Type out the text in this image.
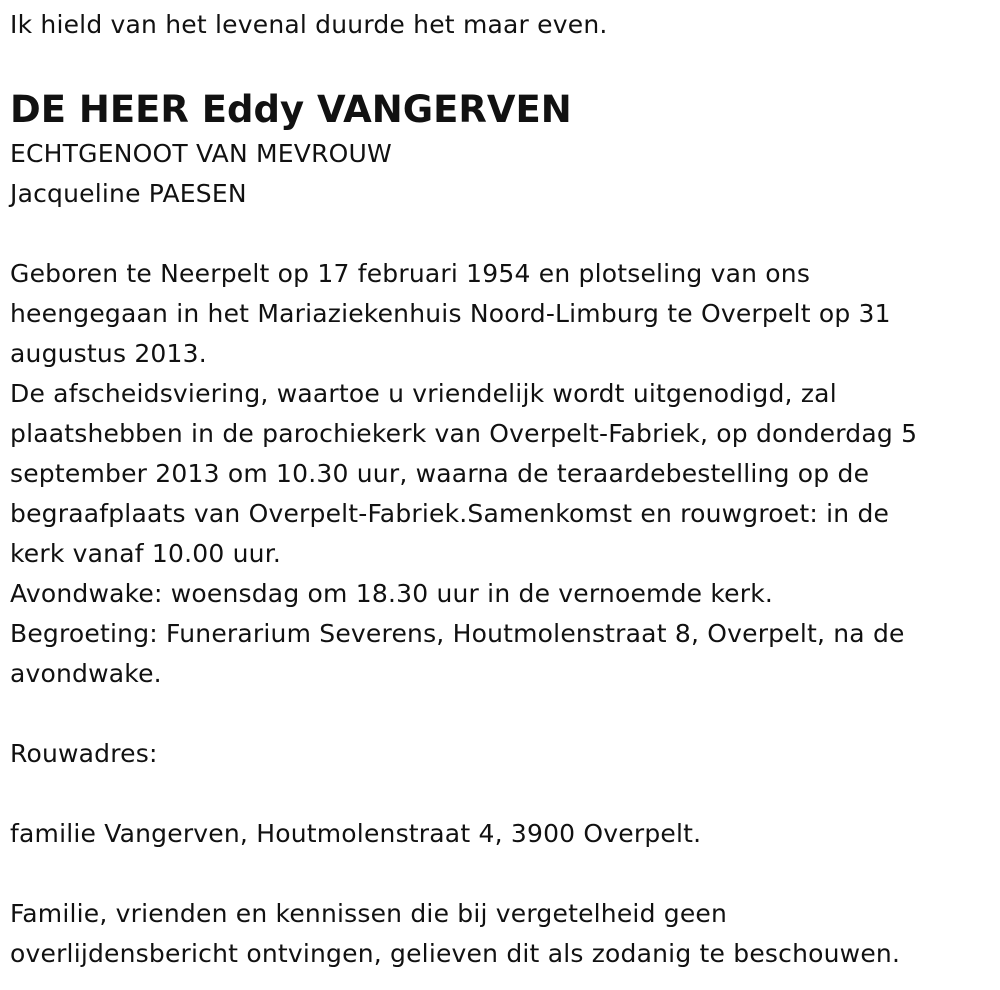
Ik hield van het levenal duurde het maar even.
DE HEER Eddy VANGERVEN
ECHTGENOOT VAN MEVROUW
Jacqueline PAESEN
Geboren te Neerpelt op 17 februari 1954 en plotseling van ons
heengegaan in het Mariaziekenhuis Noord-Limburg te Overpelt op 31
augustus 2013.
De afscheidsviering, waartoe u vriendelijk wordt uitgenodigd, zal
plaatshebben in de parochiekerk van Overpelt-Fabriek, op donderdag 5
september 2013 om 10.30 uur, waarna de teraardebestelling op de
begraafplaats van Overpelt-Fabriek.Samenkomst en rouwgroet: in de
kerk vanaf 10.00 uur.
Avondwake: woensdag om 18.30 uur in de vernoemde kerk.
Begroeting: Funerarium Severens, Houtmolenstraat 8, Overpelt, na de
avondwake.
Rouwadres:
familie Vangerven, Houtmolenstraat 4, 3900 Overpelt.
Familie, vrienden en kennissen die bij vergetelheid geen
overlijdensbericht ontvingen, gelieven dit als zodanig te beschouwen.
